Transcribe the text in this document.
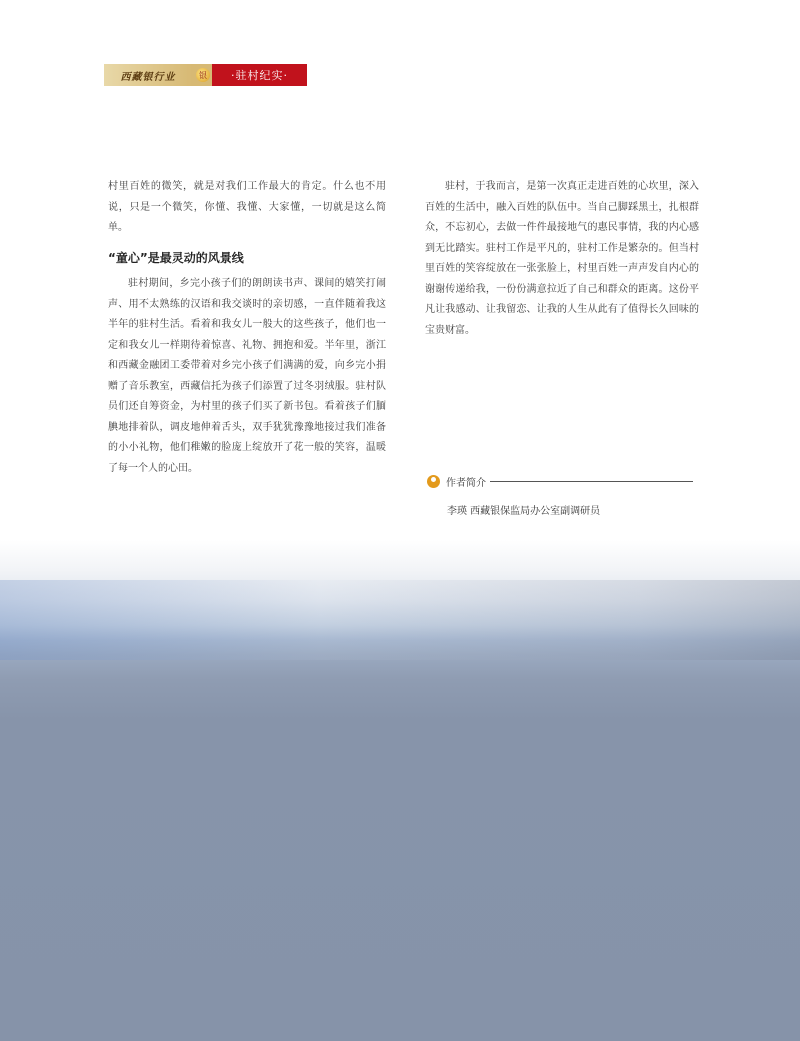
西藏银行业	银	·驻村纪实·

村里百姓的微笑，就是对我们工作最大的肯定。什么也不用说，只是一个微笑，你懂、我懂、大家懂，一切就是这么简单。

“童心”是最灵动的风景线

驻村期间，乡完小孩子们的朗朗读书声、课间的嬉笑打闹声、用不太熟练的汉语和我交谈时的亲切感，一直伴随着我这半年的驻村生活。看着和我女儿一般大的这些孩子，他们也一定和我女儿一样期待着惊喜、礼物、拥抱和爱。半年里，浙江和西藏金融团工委带着对乡完小孩子们满满的爱，向乡完小捐赠了音乐教室，西藏信托为孩子们添置了过冬羽绒服。驻村队员们还自筹资金，为村里的孩子们买了新书包。看着孩子们腼腆地排着队，调皮地伸着舌头，双手犹犹豫豫地接过我们准备的小小礼物，他们稚嫩的脸庞上绽放开了花一般的笑容，温暖了每一个人的心田。

驻村，于我而言，是第一次真正走进百姓的心坎里，深入百姓的生活中，融入百姓的队伍中。当自己脚踩黑土，扎根群众，不忘初心，去做一件件最接地气的惠民事情，我的内心感到无比踏实。驻村工作是平凡的，驻村工作是繁杂的。但当村里百姓的笑容绽放在一张张脸上，村里百姓一声声发自内心的谢谢传递给我，一份份满意拉近了自己和群众的距离。这份平凡让我感动、让我留恋、让我的人生从此有了值得长久回味的宝贵财富。

作者简介
李瑛 西藏银保监局办公室副调研员
